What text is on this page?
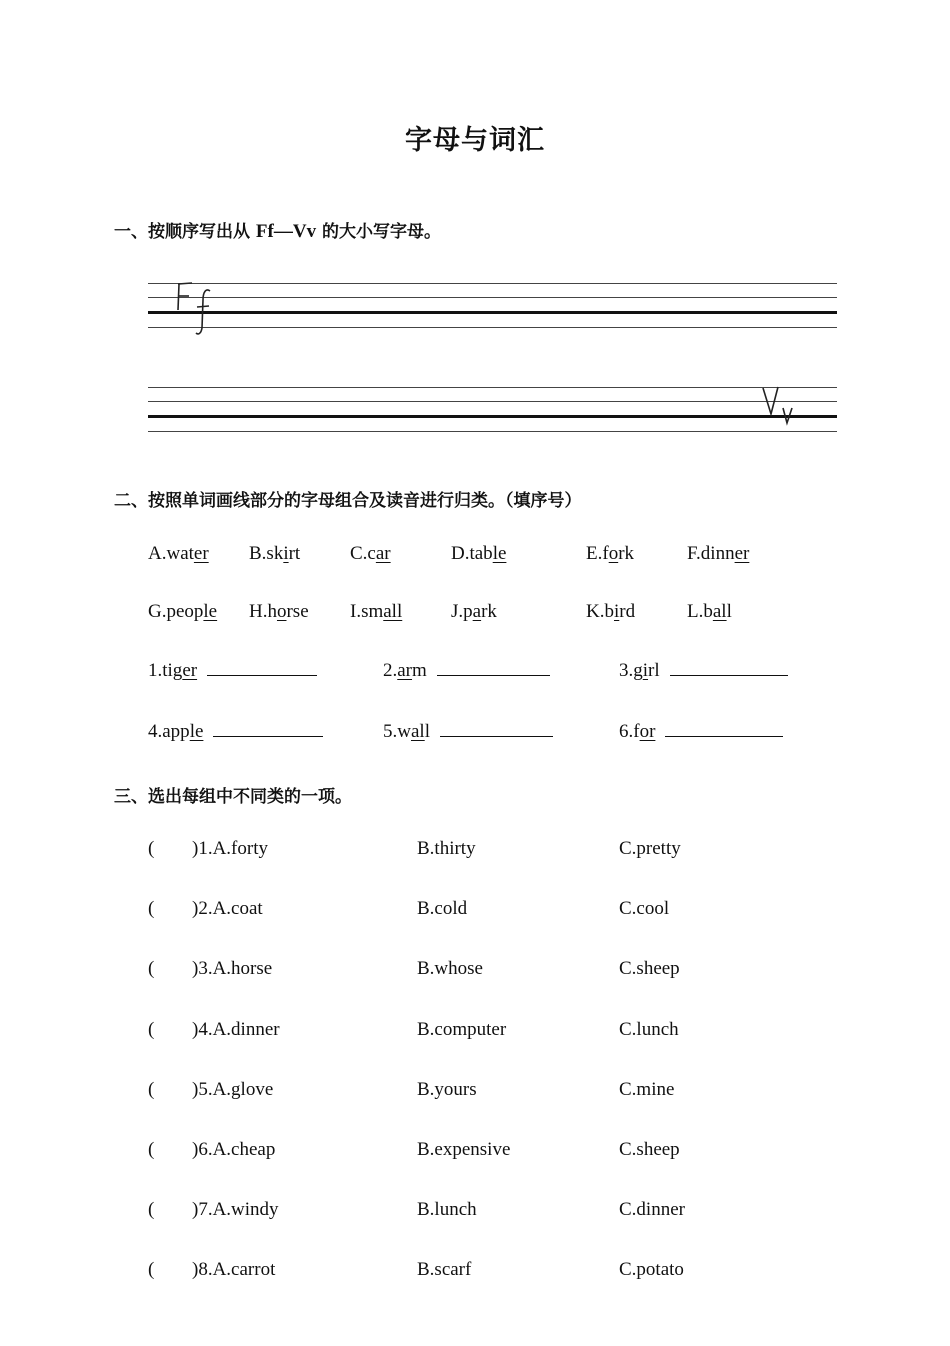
字母与词汇
一、按顺序写出从 Ff—Vv 的大小写字母。
二、按照单词画线部分的字母组合及读音进行归类。（填序号）
A.water B.skirt	C.car	D.table	E.fork	F.dinner
G.people H.horse I.small	J.park	K.bird	L.ball
1.tiger	2.arm	3.girl
4.apple	5.wall	6.for
三、选出每组中不同类的一项。
( )1.A.forty	B.thirty	C.pretty
( )2.A.coat	B.cold	C.cool
( )3.A.horse	B.whose	C.sheep
( )4.A.dinner	B.computer	C.lunch
( )5.A.glove	B.yours	C.mine
( )6.A.cheap	B.expensive	C.sheep
( )7.A.windy	B.lunch	C.dinner
( )8.A.carrot	B.scarf	C.potato
